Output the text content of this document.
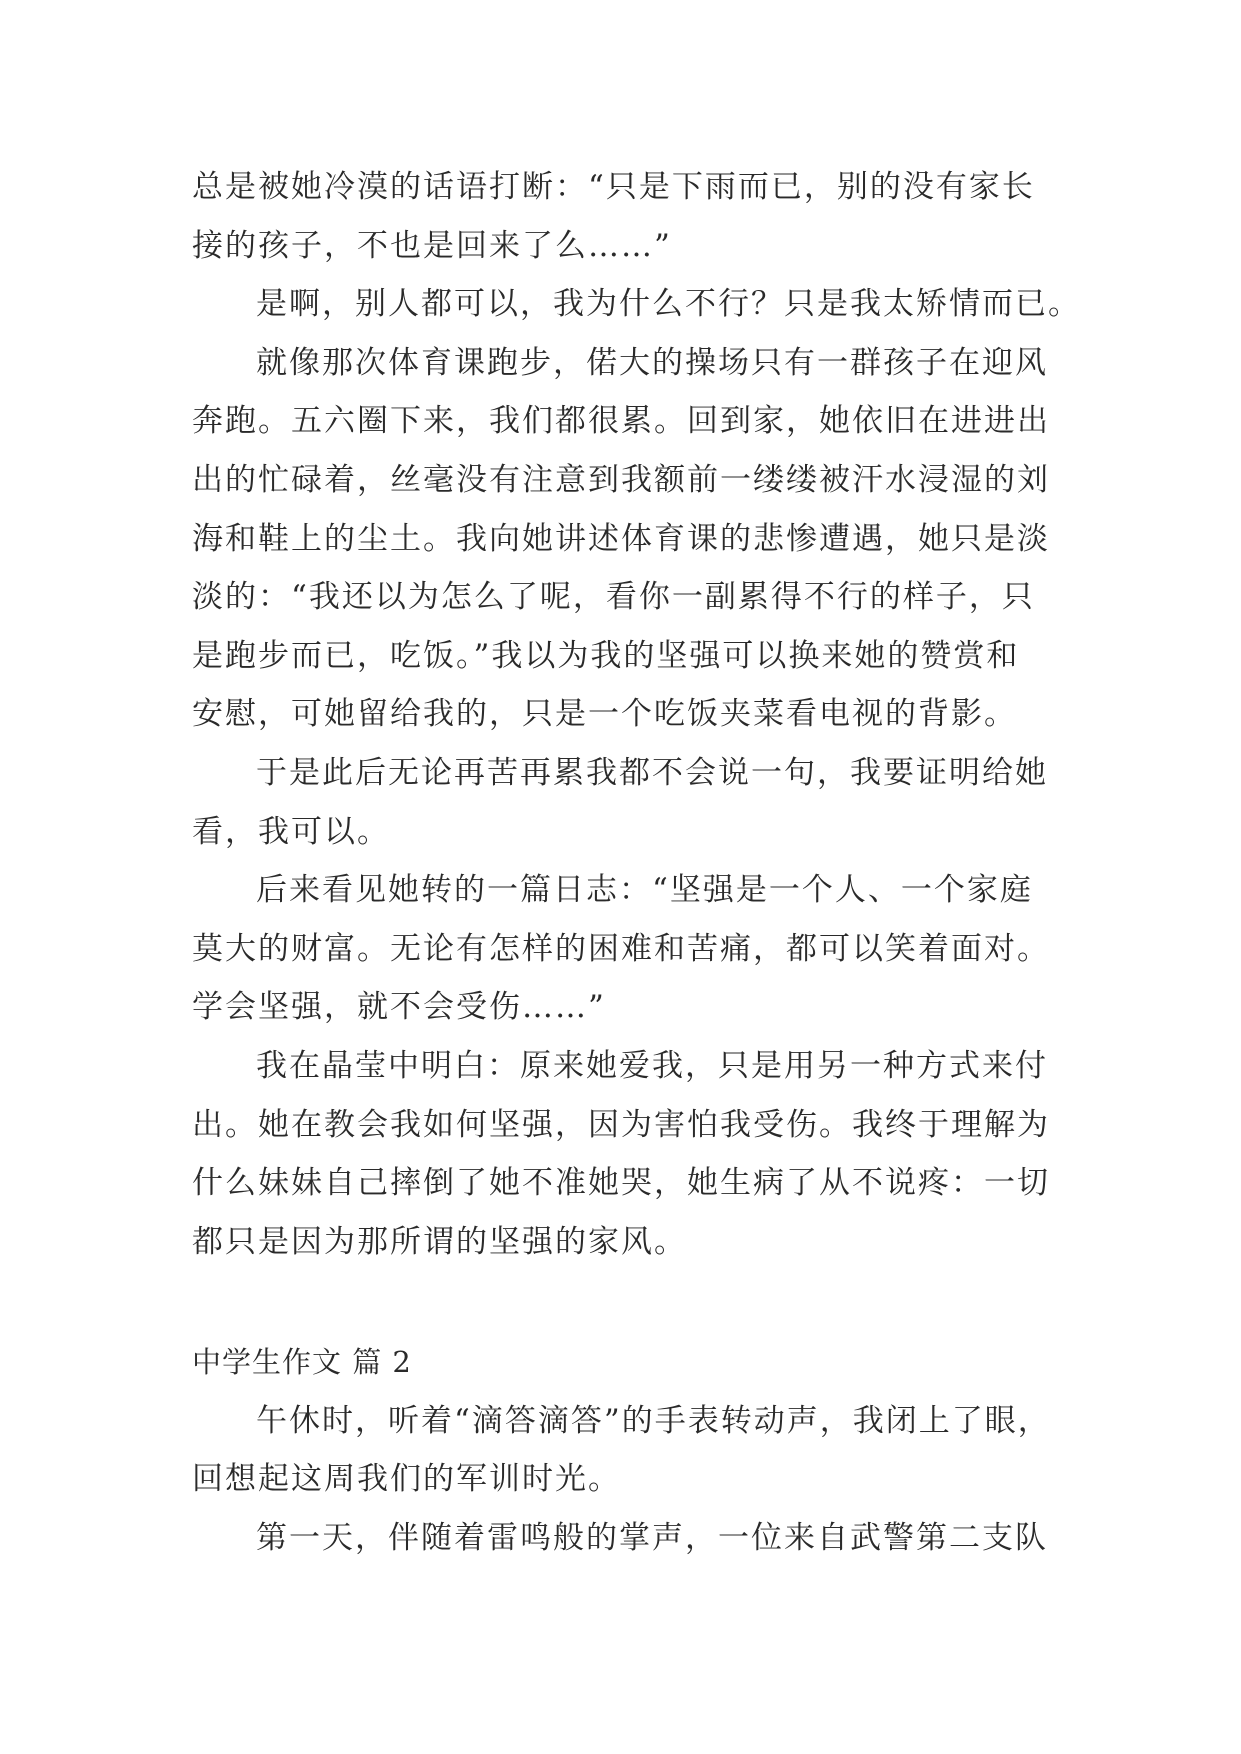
总是被她冷漠的话语打断：“只是下雨而已，别的没有家长
接的孩子，不也是回来了么……”
是啊，别人都可以，我为什么不行？只是我太矫情而已。
就像那次体育课跑步，偌大的操场只有一群孩子在迎风
奔跑。五六圈下来，我们都很累。回到家，她依旧在进进出
出的忙碌着，丝毫没有注意到我额前一缕缕被汗水浸湿的刘
海和鞋上的尘土。我向她讲述体育课的悲惨遭遇，她只是淡
淡的：“我还以为怎么了呢，看你一副累得不行的样子，只
是跑步而已，吃饭。”我以为我的坚强可以换来她的赞赏和
安慰，可她留给我的，只是一个吃饭夹菜看电视的背影。
于是此后无论再苦再累我都不会说一句，我要证明给她
看，我可以。
后来看见她转的一篇日志：“坚强是一个人、一个家庭
莫大的财富。无论有怎样的困难和苦痛，都可以笑着面对。
学会坚强，就不会受伤……”
我在晶莹中明白：原来她爱我，只是用另一种方式来付
出。她在教会我如何坚强，因为害怕我受伤。我终于理解为
什么妹妹自己摔倒了她不准她哭，她生病了从不说疼：一切
都只是因为那所谓的坚强的家风。
中学生作文 篇 2
午休时，听着“滴答滴答”的手表转动声，我闭上了眼，
回想起这周我们的军训时光。
第一天，伴随着雷鸣般的掌声，一位来自武警第二支队
